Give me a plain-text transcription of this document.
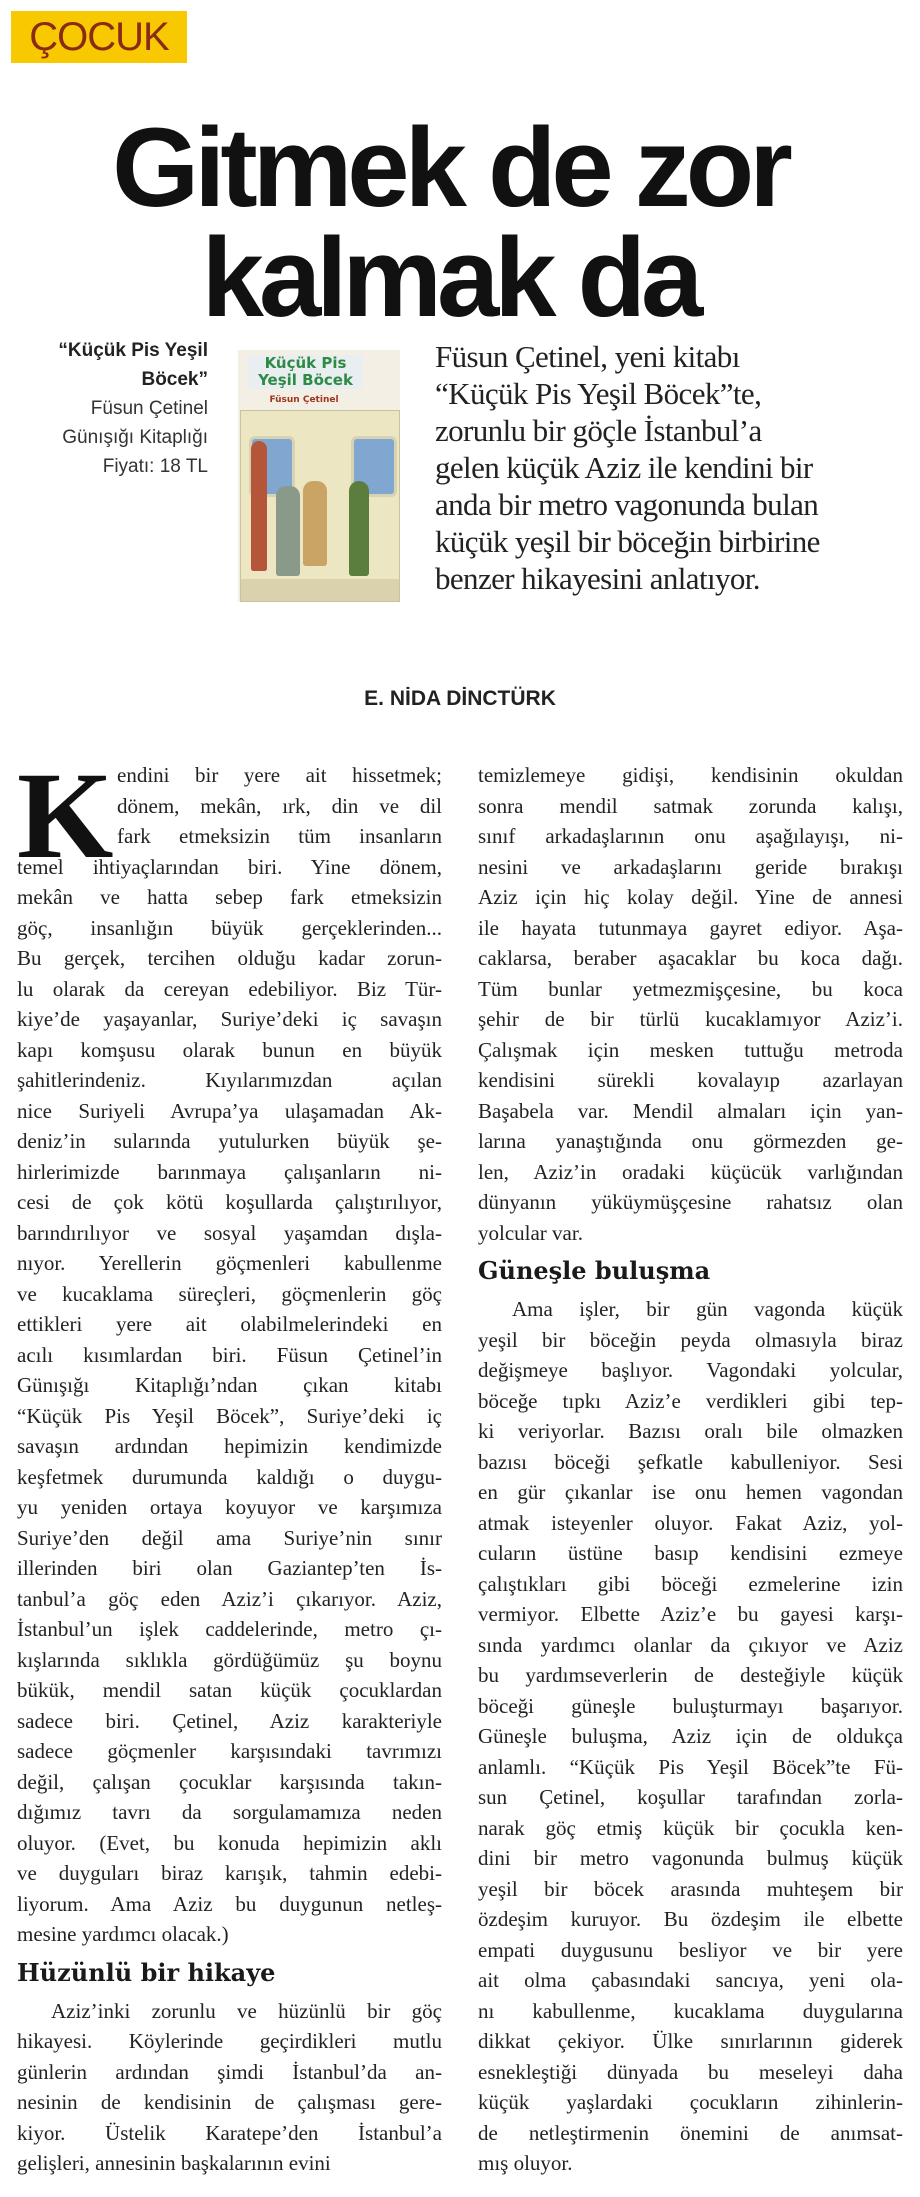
ÇOCUK
Gitmek de zor
kalmak da
“Küçük Pis Yeşil
Böcek”
Füsun Çetinel
Günışığı Kitaplığı
Fiyatı: 18 TL
Küçük Pis Yeşil Böcek
Füsun Çetinel
Füsun Çetinel, yeni kitabı
“Küçük Pis Yeşil Böcek”te,
zorunlu bir göçle İstanbul’a
gelen küçük Aziz ile kendini bir
anda bir metro vagonunda bulan
küçük yeşil bir böceğin birbirine
benzer hikayesini anlatıyor.
E. NİDA DİNCTÜRK
K endini bir yere ait hissetmek;
dönem, mekân, ırk, din ve dil
fark etmeksizin tüm insanların
temel ihtiyaçlarından biri. Yine dönem,
mekân ve hatta sebep fark etmeksizin
göç, insanlığın büyük gerçeklerinden...
Bu gerçek, tercihen olduğu kadar zorun-
lu olarak da cereyan edebiliyor. Biz Tür-
kiye’de yaşayanlar, Suriye’deki iç savaşın
kapı komşusu olarak bunun en büyük
şahitlerindeniz. Kıyılarımızdan açılan
nice Suriyeli Avrupa’ya ulaşamadan Ak-
deniz’in sularında yutulurken büyük şe-
hirlerimizde barınmaya çalışanların ni-
cesi de çok kötü koşullarda çalıştırılıyor,
barındırılıyor ve sosyal yaşamdan dışla-
nıyor. Yerellerin göçmenleri kabullenme
ve kucaklama süreçleri, göçmenlerin göç
ettikleri yere ait olabilmelerindeki en
acılı kısımlardan biri. Füsun Çetinel’in
Günışığı Kitaplığı’ndan çıkan kitabı
“Küçük Pis Yeşil Böcek”, Suriye’deki iç
savaşın ardından hepimizin kendimizde
keşfetmek durumunda kaldığı o duygu-
yu yeniden ortaya koyuyor ve karşımıza
Suriye’den değil ama Suriye’nin sınır
illerinden biri olan Gaziantep’ten İs-
tanbul’a göç eden Aziz’i çıkarıyor. Aziz,
İstanbul’un işlek caddelerinde, metro çı-
kışlarında sıklıkla gördüğümüz şu boynu
bükük, mendil satan küçük çocuklardan
sadece biri. Çetinel, Aziz karakteriyle
sadece göçmenler karşısındaki tavrımızı
değil, çalışan çocuklar karşısında takın-
dığımız tavrı da sorgulamamıza neden
oluyor. (Evet, bu konuda hepimizin aklı
ve duyguları biraz karışık, tahmin edebi-
liyorum. Ama Aziz bu duygunun netleş-
mesine yardımcı olacak.)
Hüzünlü bir hikaye
Aziz’inki zorunlu ve hüzünlü bir göç
hikayesi. Köylerinde geçirdikleri mutlu
günlerin ardından şimdi İstanbul’da an-
nesinin de kendisinin de çalışması gere-
kiyor. Üstelik Karatepe’den İstanbul’a
gelişleri, annesinin başkalarının evini
temizlemeye gidişi, kendisinin okuldan
sonra mendil satmak zorunda kalışı,
sınıf arkadaşlarının onu aşağılayışı, ni-
nesini ve arkadaşlarını geride bırakışı
Aziz için hiç kolay değil. Yine de annesi
ile hayata tutunmaya gayret ediyor. Aşa-
caklarsa, beraber aşacaklar bu koca dağı.
Tüm bunlar yetmezmişçesine, bu koca
şehir de bir türlü kucaklamıyor Aziz’i.
Çalışmak için mesken tuttuğu metroda
kendisini sürekli kovalayıp azarlayan
Başabela var. Mendil almaları için yan-
larına yanaştığında onu görmezden ge-
len, Aziz’in oradaki küçücük varlığından
dünyanın yüküymüşçesine rahatsız olan
yolcular var.
Güneşle buluşma
Ama işler, bir gün vagonda küçük
yeşil bir böceğin peyda olmasıyla biraz
değişmeye başlıyor. Vagondaki yolcular,
böceğe tıpkı Aziz’e verdikleri gibi tep-
ki veriyorlar. Bazısı oralı bile olmazken
bazısı böceği şefkatle kabulleniyor. Sesi
en gür çıkanlar ise onu hemen vagondan
atmak isteyenler oluyor. Fakat Aziz, yol-
cuların üstüne basıp kendisini ezmeye
çalıştıkları gibi böceği ezmelerine izin
vermiyor. Elbette Aziz’e bu gayesi karşı-
sında yardımcı olanlar da çıkıyor ve Aziz
bu yardımseverlerin de desteğiyle küçük
böceği güneşle buluşturmayı başarıyor.
Güneşle buluşma, Aziz için de oldukça
anlamlı. “Küçük Pis Yeşil Böcek”te Fü-
sun Çetinel, koşullar tarafından zorla-
narak göç etmiş küçük bir çocukla ken-
dini bir metro vagonunda bulmuş küçük
yeşil bir böcek arasında muhteşem bir
özdeşim kuruyor. Bu özdeşim ile elbette
empati duygusunu besliyor ve bir yere
ait olma çabasındaki sancıya, yeni ola-
nı kabullenme, kucaklama duygularına
dikkat çekiyor. Ülke sınırlarının giderek
esnekleştiği dünyada bu meseleyi daha
küçük yaşlardaki çocukların zihinlerin-
de netleştirmenin önemini de anımsat-
mış oluyor.
